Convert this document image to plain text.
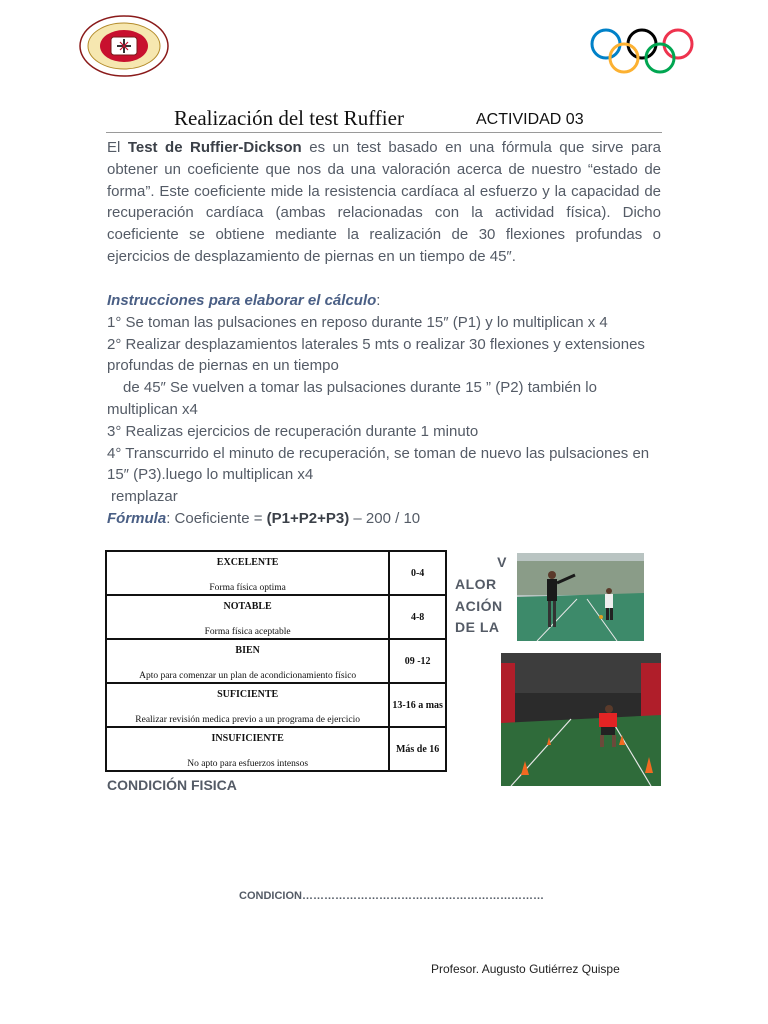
Realización del test Ruffier	ACTIVIDAD 03
El Test de Ruffier-Dickson es un test basado en una fórmula que sirve para obtener un coeficiente que nos da una valoración acerca de nuestro “estado de forma”. Este coeficiente mide la resistencia cardíaca al esfuerzo y la capacidad de recuperación cardíaca (ambas relacionadas con la actividad física). Dicho coeficiente se obtiene mediante la realización de 30 flexiones profundas o ejercicios de desplazamiento de piernas en un tiempo de 45″.
Instrucciones para elaborar el cálculo:
1° Se toman las pulsaciones en reposo durante 15″ (P1) y lo multiplican x 4
2° Realizar desplazamientos laterales 5 mts o realizar 30 flexiones y extensiones profundas de piernas en un tiempo
de 45″ Se vuelven a tomar las pulsaciones durante 15 ” (P2) también lo multiplican x4
3° Realizas ejercicios de recuperación durante 1 minuto
4° Transcurrido el minuto de recuperación, se toman de nuevo las pulsaciones en 15″ (P3).luego lo multiplican x4
remplazar
Fórmula: Coeficiente = (P1+P2+P3) – 200 / 10
EXCELENTE
Forma física optima	0-4

NOTABLE
Forma física aceptable	4-8

BIEN
Apto para comenzar un plan de acondicionamiento físico	09 -12

SUFICIENTE
Realizar revisión medica previo a un programa de ejercicio	13-16 a mas

INSUFICIENTE
No apto para esfuerzos intensos	Más de 16
V
ALOR
ACIÓN
DE LA
CONDICIÓN FISICA
CONDICION…………………………………………………………
Profesor. Augusto Gutiérrez Quispe
